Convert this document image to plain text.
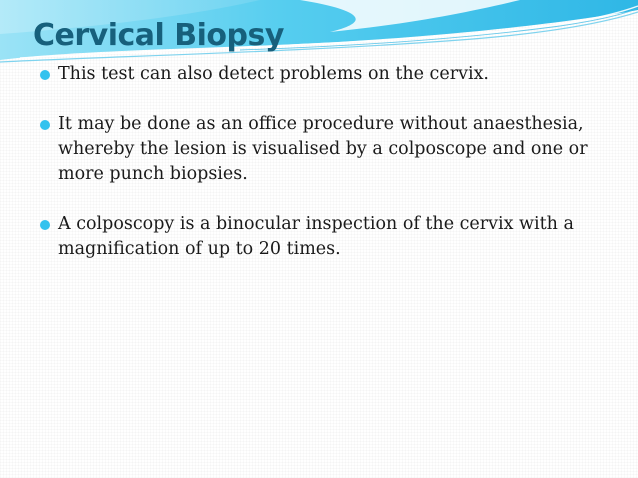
Cervical Biopsy
This test can also detect problems on the cervix.
It may be done as an office procedure without anaesthesia, whereby the lesion is visualised by a colposcope and one or more punch biopsies.
A colposcopy is a binocular inspection of the cervix with a magnification of up to 20 times.
